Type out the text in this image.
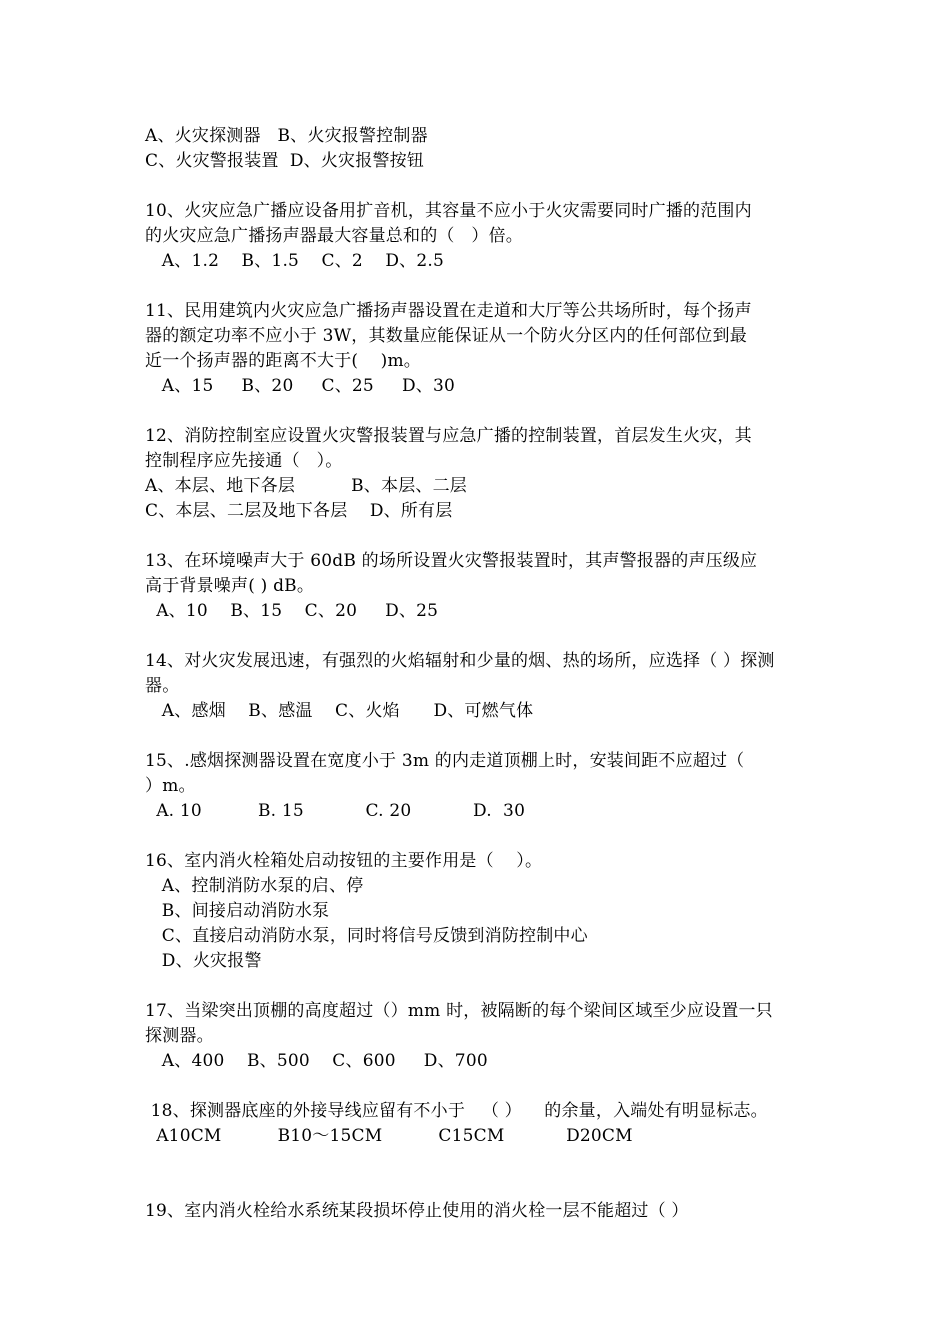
A、火灾探测器   B、火灾报警控制器
C、火灾警报装置  D、火灾报警按钮
10、火灾应急广播应设备用扩音机，其容量不应小于火灾需要同时广播的范围内
的火灾应急广播扬声器最大容量总和的（   ）倍。
A、1.2    B、1.5    C、2    D、2.5
11、民用建筑内火灾应急广播扬声器设置在走道和大厅等公共场所时，每个扬声
器的额定功率不应小于 3W，其数量应能保证从一个防火分区内的任何部位到最
近一个扬声器的距离不大于(    )m。
A、15     B、20     C、25     D、30
12、消防控制室应设置火灾警报装置与应急广播的控制装置，首层发生火灾，其
控制程序应先接通（   ）。
A、本层、地下各层          B、本层、二层
C、本层、二层及地下各层    D、所有层
13、在环境噪声大于 60dB 的场所设置火灾警报装置时，其声警报器的声压级应
高于背景噪声( ) dB。
A、10    B、15    C、20     D、25
14、对火灾发展迅速，有强烈的火焰辐射和少量的烟、热的场所，应选择（ ）探测
器。
A、感烟    B、感温    C、火焰      D、可燃气体
15、.感烟探测器设置在宽度小于 3m 的内走道顶棚上时，安装间距不应超过（
）m。
A. 10          B. 15           C. 20           D.  30
16、室内消火栓箱处启动按钮的主要作用是（    ）。
A、控制消防水泵的启、停
B、间接启动消防水泵
C、直接启动消防水泵，同时将信号反馈到消防控制中心
D、火灾报警
17、当梁突出顶棚的高度超过（）mm 时，被隔断的每个梁间区域至少应设置一只
探测器。
A、400    B、500    C、600     D、700
18、探测器底座的外接导线应留有不小于   （ ）    的余量，入端处有明显标志。
A10CM          B10～15CM          C15CM           D20CM
19、室内消火栓给水系统某段损坏停止使用的消火栓一层不能超过（ ）
